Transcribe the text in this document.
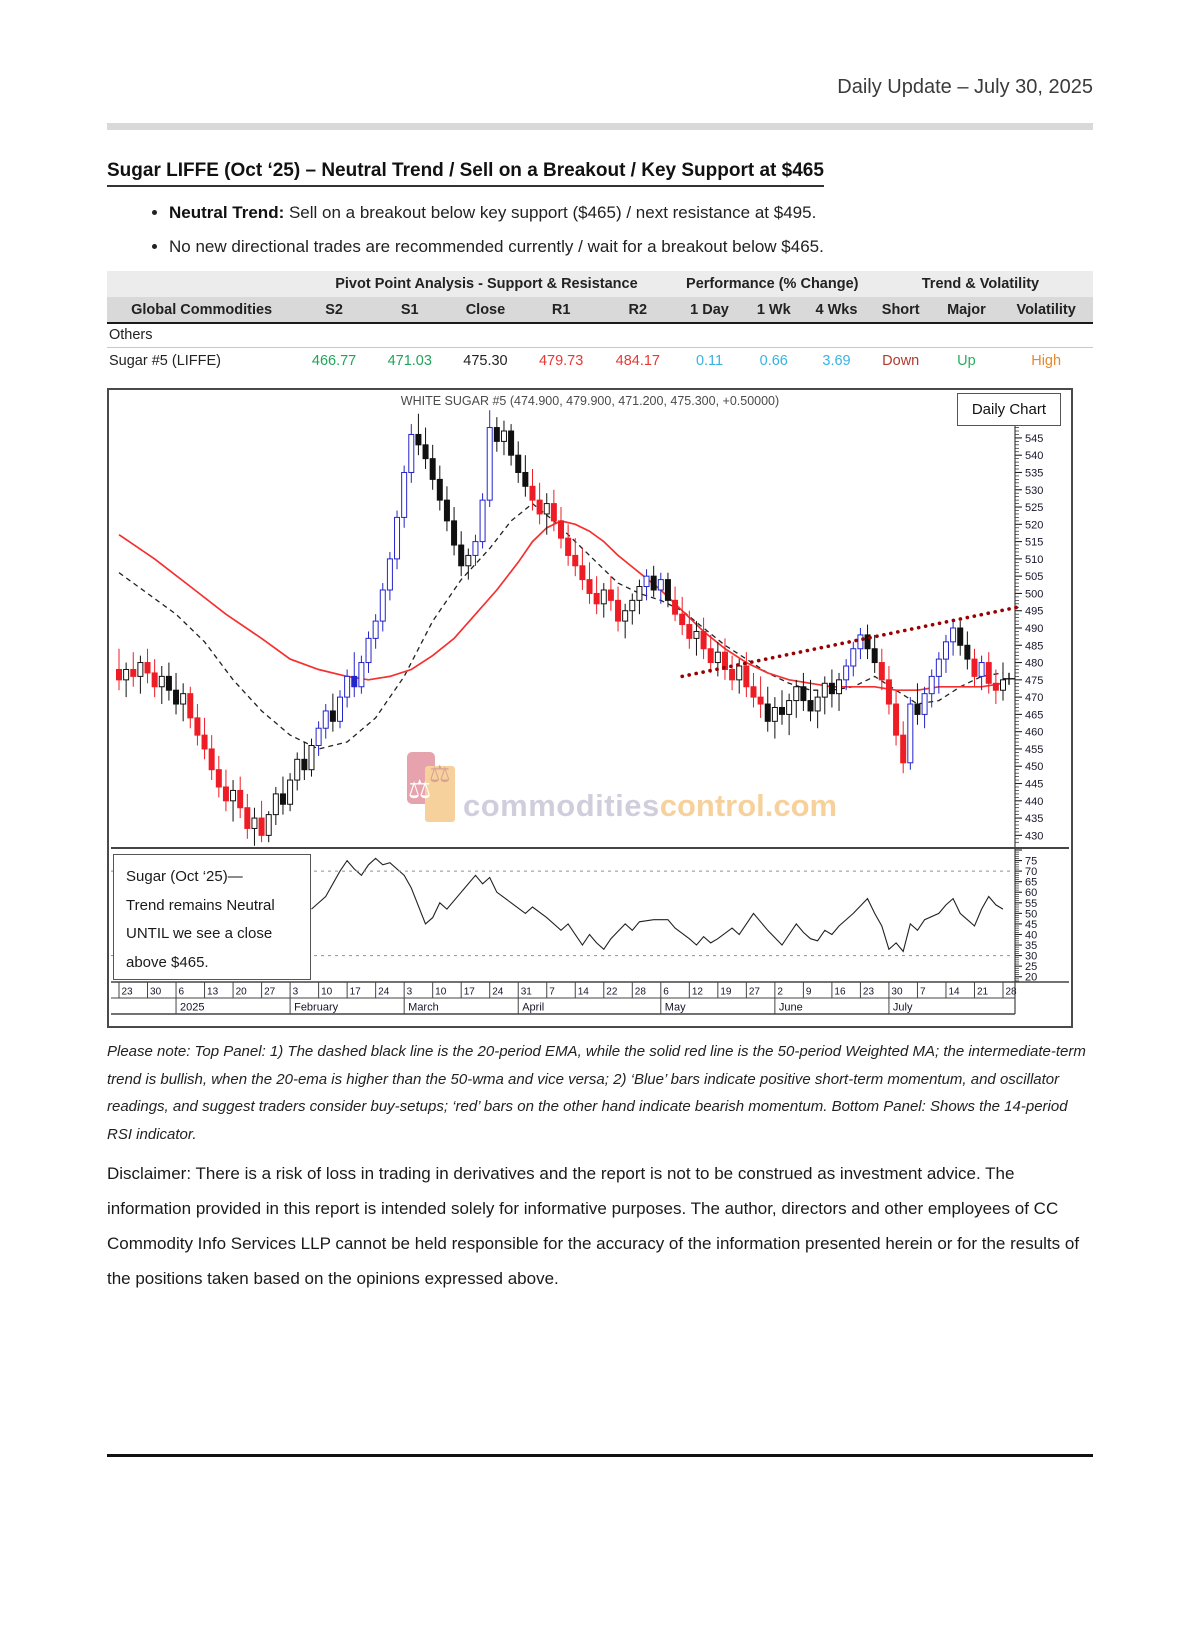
Daily Update – July 30, 2025
Sugar LIFFE (Oct ‘25) – Neutral Trend / Sell on a Breakout / Key Support at $465
• Neutral Trend: Sell on a breakout below key support ($465) / next resistance at $495.
• No new directional trades are recommended currently / wait for a breakout below $465.
	Pivot Point Analysis - Support & Resistance					Performance (% Change)			Trend & Volatility		
Global Commodities	S2	S1	Close	R1	R2	1 Day	1 Wk	4 Wks	Short	Major	Volatility
Others											
Sugar #5 (LIFFE)	466.77	471.03	475.30	479.73	484.17	0.11	0.66	3.69	Down	Up	High
WHITE SUGAR #5 (474.900, 479.900, 471.200, 475.300, +0.50000)	Daily Chart
⚖
⚖
commodities control.com
430
435
440
445
450
455
460
465
470
475
480
485
490
495
500
505
510
515
520
525
530
535
540
545
20
25
30
35
40
45
50
55
60
65
70
75
23 30 6 13 20 27 3 10 17 24 3 10 17 24 31 7 14 22 28 6 12 19 27 2 9 16 23 30 7 14 21 28
2025	February	March	April	May	June	July
Sugar (Oct ‘25)—
Trend remains Neutral
UNTIL we see a close
above $465.

Please note: Top Panel: 1) The dashed black line is the 20-period EMA, while the solid red line is the 50-period Weighted MA; the intermediate-term trend is bullish, when the 20-ema is higher than the 50-wma and vice versa; 2) ‘Blue’ bars indicate positive short-term momentum, and oscillator readings, and suggest traders consider buy-setups; ‘red’ bars on the other hand indicate bearish momentum. Bottom Panel: Shows the 14-period RSI indicator.

Disclaimer: There is a risk of loss in trading in derivatives and the report is not to be construed as investment advice. The information provided in this report is intended solely for informative purposes. The author, directors and other employees of CC Commodity Info Services LLP cannot be held responsible for the accuracy of the information presented herein or for the results of the positions taken based on the opinions expressed above.
